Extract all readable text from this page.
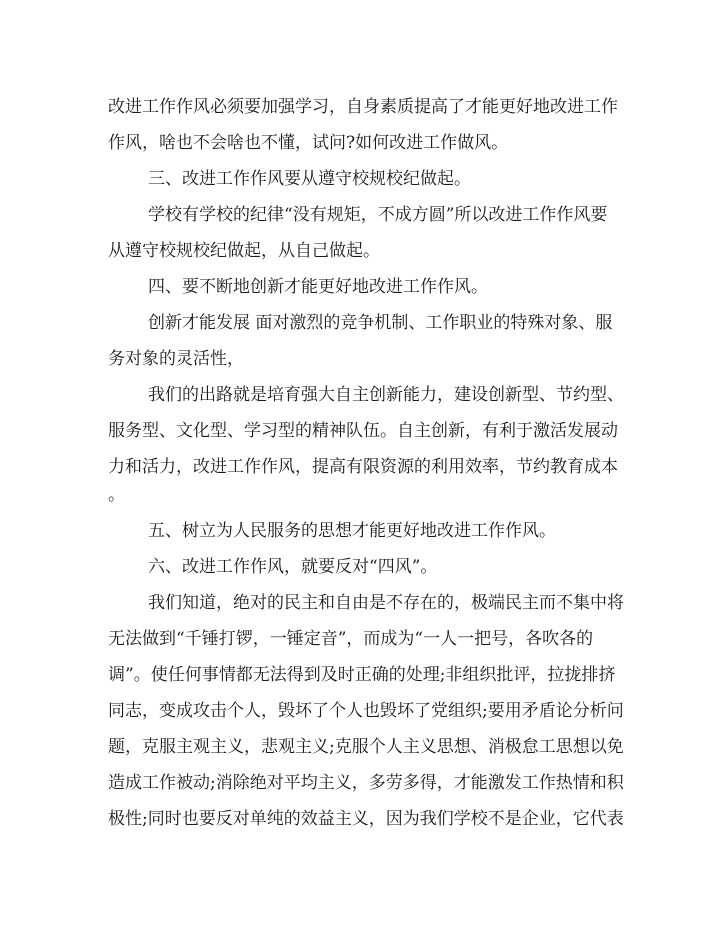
改进工作作风必须要加强学习，自身素质提高了才能更好地改进工作
作风，啥也不会啥也不懂，试问?如何改进工作做风。
三、改进工作作风要从遵守校规校纪做起。
学校有学校的纪律“没有规矩，不成方圆”所以改进工作作风要
从遵守校规校纪做起，从自己做起。
四、要不断地创新才能更好地改进工作作风。
创新才能发展 面对激烈的竞争机制、工作职业的特殊对象、服
务对象的灵活性，
我们的出路就是培育强大自主创新能力，建设创新型、节约型、
服务型、文化型、学习型的精神队伍。自主创新，有利于激活发展动
力和活力，改进工作作风，提高有限资源的利用效率，节约教育成本
。
五、树立为人民服务的思想才能更好地改进工作作风。
六、改进工作作风，就要反对“四风”。
我们知道，绝对的民主和自由是不存在的，极端民主而不集中将
无法做到“千锤打锣，一锤定音”，而成为“一人一把号，各吹各的
调”。使任何事情都无法得到及时正确的处理;非组织批评，拉拢排挤
同志，变成攻击个人，毁坏了个人也毁坏了党组织;要用矛盾论分析问
题，克服主观主义，悲观主义;克服个人主义思想、消极怠工思想以免
造成工作被动;消除绝对平均主义，多劳多得，才能激发工作热情和积
极性;同时也要反对单纯的效益主义，因为我们学校不是企业，它代表
